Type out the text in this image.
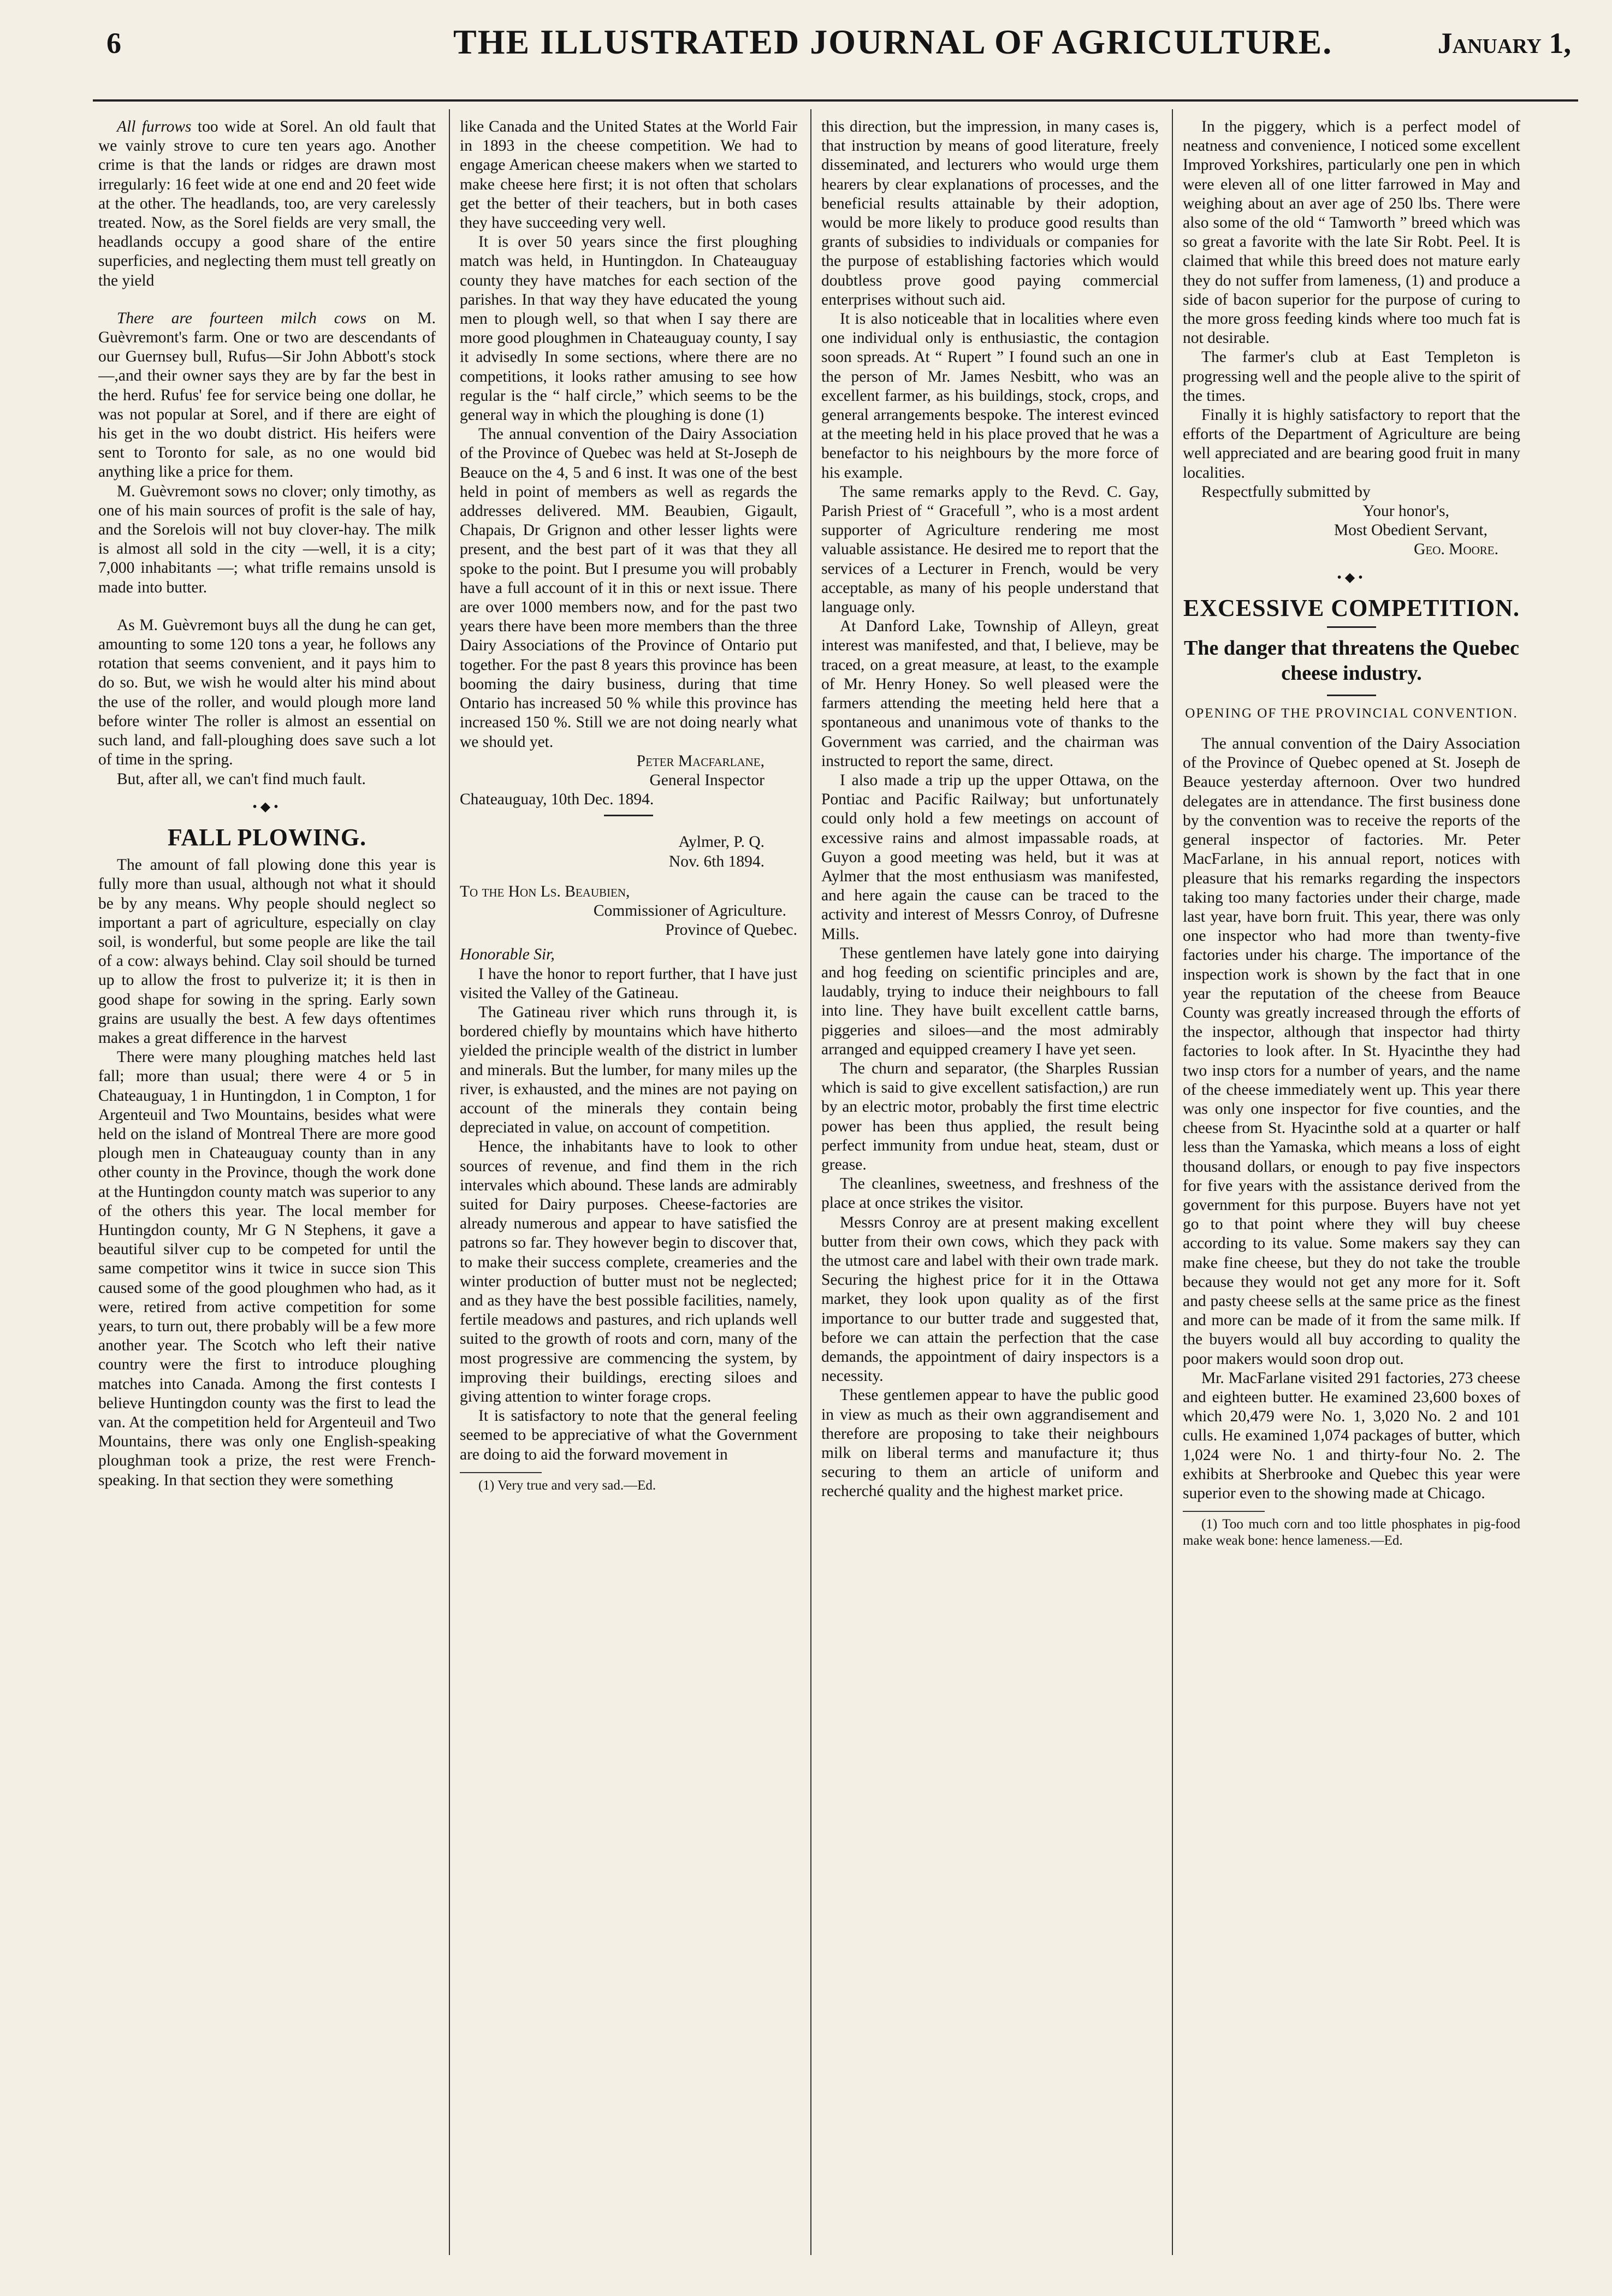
6	THE ILLUSTRATED JOURNAL OF AGRICULTURE.	January 1,

All furrows too wide at Sorel. An old fault that we vainly strove to cure ten years ago. Another crime is that the lands or ridges are drawn most irregularly: 16 feet wide at one end and 20 feet wide at the other. The headlands, too, are very carelessly treated. Now, as the Sorel fields are very small, the headlands occupy a good share of the entire superficies, and neglecting them must tell greatly on the yield

There are fourteen milch cows on M. Guèvremont's farm. One or two are descendants of our Guernsey bull, Rufus—Sir John Abbott's stock—,and their owner says they are by far the best in the herd. Rufus' fee for service being one dollar, he was not popular at Sorel, and if there are eight of his get in the wo doubt district. His heifers were sent to Toronto for sale, as no one would bid anything like a price for them.

M. Guèvremont sows no clover; only timothy, as one of his main sources of profit is the sale of hay, and the Sorelois will not buy clover-hay. The milk is almost all sold in the city —well, it is a city; 7,000 inhabitants —; what trifle remains unsold is made into butter.

As M. Guèvremont buys all the dung he can get, amounting to some 120 tons a year, he follows any rotation that seems convenient, and it pays him to do so. But, we wish he would alter his mind about the use of the roller, and would plough more land before winter The roller is almost an essential on such land, and fall-ploughing does save such a lot of time in the spring.

But, after all, we can't find much fault.

•◆•
FALL PLOWING.

The amount of fall plowing done this year is fully more than usual, although not what it should be by any means. Why people should neglect so important a part of agriculture, especially on clay soil, is wonderful, but some people are like the tail of a cow: always behind. Clay soil should be turned up to allow the frost to pulverize it; it is then in good shape for sowing in the spring. Early sown grains are usually the best. A few days oftentimes makes a great difference in the harvest

There were many ploughing matches held last fall; more than usual; there were 4 or 5 in Chateauguay, 1 in Huntingdon, 1 in Compton, 1 for Argenteuil and Two Mountains, besides what were held on the island of Montreal There are more good plough men in Chateauguay county than in any other county in the Province, though the work done at the Huntingdon county match was superior to any of the others this year. The local member for Huntingdon county, Mr G N Stephens, it gave a beautiful silver cup to be competed for until the same competitor wins it twice in succe sion This caused some of the good ploughmen who had, as it were, retired from active competition for some years, to turn out, there probably will be a few more another year. The Scotch who left their native country were the first to introduce ploughing matches into Canada. Among the first contests I believe Huntingdon county was the first to lead the van. At the competition held for Argenteuil and Two Mountains, there was only one English-speaking ploughman took a prize, the rest were French-speaking. In that section they were something

like Canada and the United States at the World Fair in 1893 in the cheese competition. We had to engage American cheese makers when we started to make cheese here first; it is not often that scholars get the better of their teachers, but in both cases they have succeeding very well.

It is over 50 years since the first ploughing match was held, in Huntingdon. In Chateauguay county they have matches for each section of the parishes. In that way they have educated the young men to plough well, so that when I say there are more good ploughmen in Chateauguay county, I say it advisedly In some sections, where there are no competitions, it looks rather amusing to see how regular is the “ half circle,” which seems to be the general way in which the ploughing is done (1)

The annual convention of the Dairy Association of the Province of Quebec was held at St-Joseph de Beauce on the 4, 5 and 6 inst. It was one of the best held in point of members as well as regards the addresses delivered. MM. Beaubien, Gigault, Chapais, Dr Grignon and other lesser lights were present, and the best part of it was that they all spoke to the point. But I presume you will probably have a full account of it in this or next issue. There are over 1000 members now, and for the past two years there have been more members than the three Dairy Associations of the Province of Ontario put together. For the past 8 years this province has been booming the dairy business, during that time Ontario has increased 50 % while this province has increased 150 %. Still we are not doing nearly what we should yet.

Peter Macfarlane,

General Inspector

Chateauguay, 10th Dec. 1894.

Aylmer, P. Q.

Nov. 6th 1894.

To the Hon Ls. Beaubien,

Commissioner of Agriculture.

Province of Quebec.

Honorable Sir,

I have the honor to report further, that I have just visited the Valley of the Gatineau.

The Gatineau river which runs through it, is bordered chiefly by mountains which have hitherto yielded the principle wealth of the district in lumber and minerals. But the lumber, for many miles up the river, is exhausted, and the mines are not paying on account of the minerals they contain being depreciated in value, on account of competition.

Hence, the inhabitants have to look to other sources of revenue, and find them in the rich intervales which abound. These lands are admirably suited for Dairy purposes. Cheese-factories are already numerous and appear to have satisfied the patrons so far. They however begin to discover that, to make their success complete, creameries and the winter production of butter must not be neglected; and as they have the best possible facilities, namely, fertile meadows and pastures, and rich uplands well suited to the growth of roots and corn, many of the most progressive are commencing the system, by improving their buildings, erecting siloes and giving attention to winter forage crops.

It is satisfactory to note that the general feeling seemed to be appreciative of what the Government are doing to aid the forward movement in

(1) Very true and very sad.—Ed.

this direction, but the impression, in many cases is, that instruction by means of good literature, freely disseminated, and lecturers who would urge them hearers by clear explanations of processes, and the beneficial results attainable by their adoption, would be more likely to produce good results than grants of subsidies to individuals or companies for the purpose of establishing factories which would doubtless prove good paying commercial enterprises without such aid.

It is also noticeable that in localities where even one individual only is enthusiastic, the contagion soon spreads. At “ Rupert ” I found such an one in the person of Mr. James Nesbitt, who was an excellent farmer, as his buildings, stock, crops, and general arrangements bespoke. The interest evinced at the meeting held in his place proved that he was a benefactor to his neighbours by the more force of his example.

The same remarks apply to the Revd. C. Gay, Parish Priest of “ Gracefull ”, who is a most ardent supporter of Agriculture rendering me most valuable assistance. He desired me to report that the services of a Lecturer in French, would be very acceptable, as many of his people understand that language only.

At Danford Lake, Township of Alleyn, great interest was manifested, and that, I believe, may be traced, on a great measure, at least, to the example of Mr. Henry Honey. So well pleased were the farmers attending the meeting held here that a spontaneous and unanimous vote of thanks to the Government was carried, and the chairman was instructed to report the same, direct.

I also made a trip up the upper Ottawa, on the Pontiac and Pacific Railway; but unfortunately could only hold a few meetings on account of excessive rains and almost impassable roads, at Guyon a good meeting was held, but it was at Aylmer that the most enthusiasm was manifested, and here again the cause can be traced to the activity and interest of Messrs Conroy, of Dufresne Mills.

These gentlemen have lately gone into dairying and hog feeding on scientific principles and are, laudably, trying to induce their neighbours to fall into line. They have built excellent cattle barns, piggeries and siloes—and the most admirably arranged and equipped creamery I have yet seen.

The churn and separator, (the Sharples Russian which is said to give excellent satisfaction,) are run by an electric motor, probably the first time electric power has been thus applied, the result being perfect immunity from undue heat, steam, dust or grease.

The cleanlines, sweetness, and freshness of the place at once strikes the visitor.

Messrs Conroy are at present making excellent butter from their own cows, which they pack with the utmost care and label with their own trade mark. Securing the highest price for it in the Ottawa market, they look upon quality as of the first importance to our butter trade and suggested that, before we can attain the perfection that the case demands, the appointment of dairy inspectors is a necessity.

These gentlemen appear to have the public good in view as much as their own aggrandisement and therefore are proposing to take their neighbours milk on liberal terms and manufacture it; thus securing to them an article of uniform and recherché quality and the highest market price.

In the piggery, which is a perfect model of neatness and convenience, I noticed some excellent Improved Yorkshires, particularly one pen in which were eleven all of one litter farrowed in May and weighing about an aver age of 250 lbs. There were also some of the old “ Tamworth ” breed which was so great a favorite with the late Sir Robt. Peel. It is claimed that while this breed does not mature early they do not suffer from lameness, (1) and produce a side of bacon superior for the purpose of curing to the more gross feeding kinds where too much fat is not desirable.

The farmer's club at East Templeton is progressing well and the people alive to the spirit of the times.

Finally it is highly satisfactory to report that the efforts of the Department of Agriculture are being well appreciated and are bearing good fruit in many localities.

Respectfully submitted by

Your honor's,

Most Obedient Servant,

Geo. Moore.

•◆•
EXCESSIVE COMPETITION.
The danger that threatens the Quebec cheese industry.
OPENING OF THE PROVINCIAL CONVENTION.

The annual convention of the Dairy Association of the Province of Quebec opened at St. Joseph de Beauce yesterday afternoon. Over two hundred delegates are in attendance. The first business done by the convention was to receive the reports of the general inspector of factories. Mr. Peter MacFarlane, in his annual report, notices with pleasure that his remarks regarding the inspectors taking too many factories under their charge, made last year, have born fruit. This year, there was only one inspector who had more than twenty-five factories under his charge. The importance of the inspection work is shown by the fact that in one year the reputation of the cheese from Beauce County was greatly increased through the efforts of the inspector, although that inspector had thirty factories to look after. In St. Hyacinthe they had two insp ctors for a number of years, and the name of the cheese immediately went up. This year there was only one inspector for five counties, and the cheese from St. Hyacinthe sold at a quarter or half less than the Yamaska, which means a loss of eight thousand dollars, or enough to pay five inspectors for five years with the assistance derived from the government for this purpose. Buyers have not yet go to that point where they will buy cheese according to its value. Some makers say they can make fine cheese, but they do not take the trouble because they would not get any more for it. Soft and pasty cheese sells at the same price as the finest and more can be made of it from the same milk. If the buyers would all buy according to quality the poor makers would soon drop out.

Mr. MacFarlane visited 291 factories, 273 cheese and eighteen butter. He examined 23,600 boxes of which 20,479 were No. 1, 3,020 No. 2 and 101 culls. He examined 1,074 packages of butter, which 1,024 were No. 1 and thirty-four No. 2. The exhibits at Sherbrooke and Quebec this year were superior even to the showing made at Chicago.

(1) Too much corn and too little phosphates in pig-food make weak bone: hence lameness.—Ed.
